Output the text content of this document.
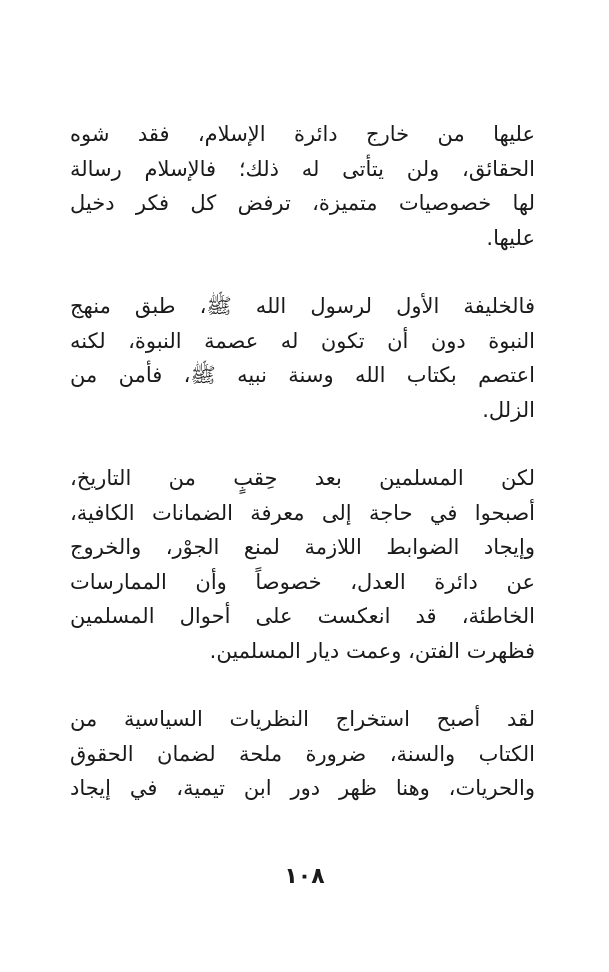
عليها من خارج دائرة الإسلام، فقد شوه
الحقائق، ولن يتأتى له ذلك؛ فالإسلام رسالة
لها خصوصيات متميزة، ترفض كل فكر دخيل
عليها.

فالخليفة الأول لرسول الله ﷺ، طبق منهج
النبوة دون أن تكون له عصمة النبوة، لكنه
اعتصم بكتاب الله وسنة نبيه ﷺ، فأمن من
الزلل.

لكن المسلمين بعد حِقبٍ من التاريخ،
أصبحوا في حاجة إلى معرفة الضمانات الكافية،
وإيجاد الضوابط اللازمة لمنع الجوْر، والخروج
عن دائرة العدل، خصوصاً وأن الممارسات
الخاطئة، قد انعكست على أحوال المسلمين
فظهرت الفتن، وعمت ديار المسلمين.

لقد أصبح استخراج النظريات السياسية من
الكتاب والسنة، ضرورة ملحة لضمان الحقوق
والحريات، وهنا ظهر دور ابن تيمية، في إيجاد

١٠٨
